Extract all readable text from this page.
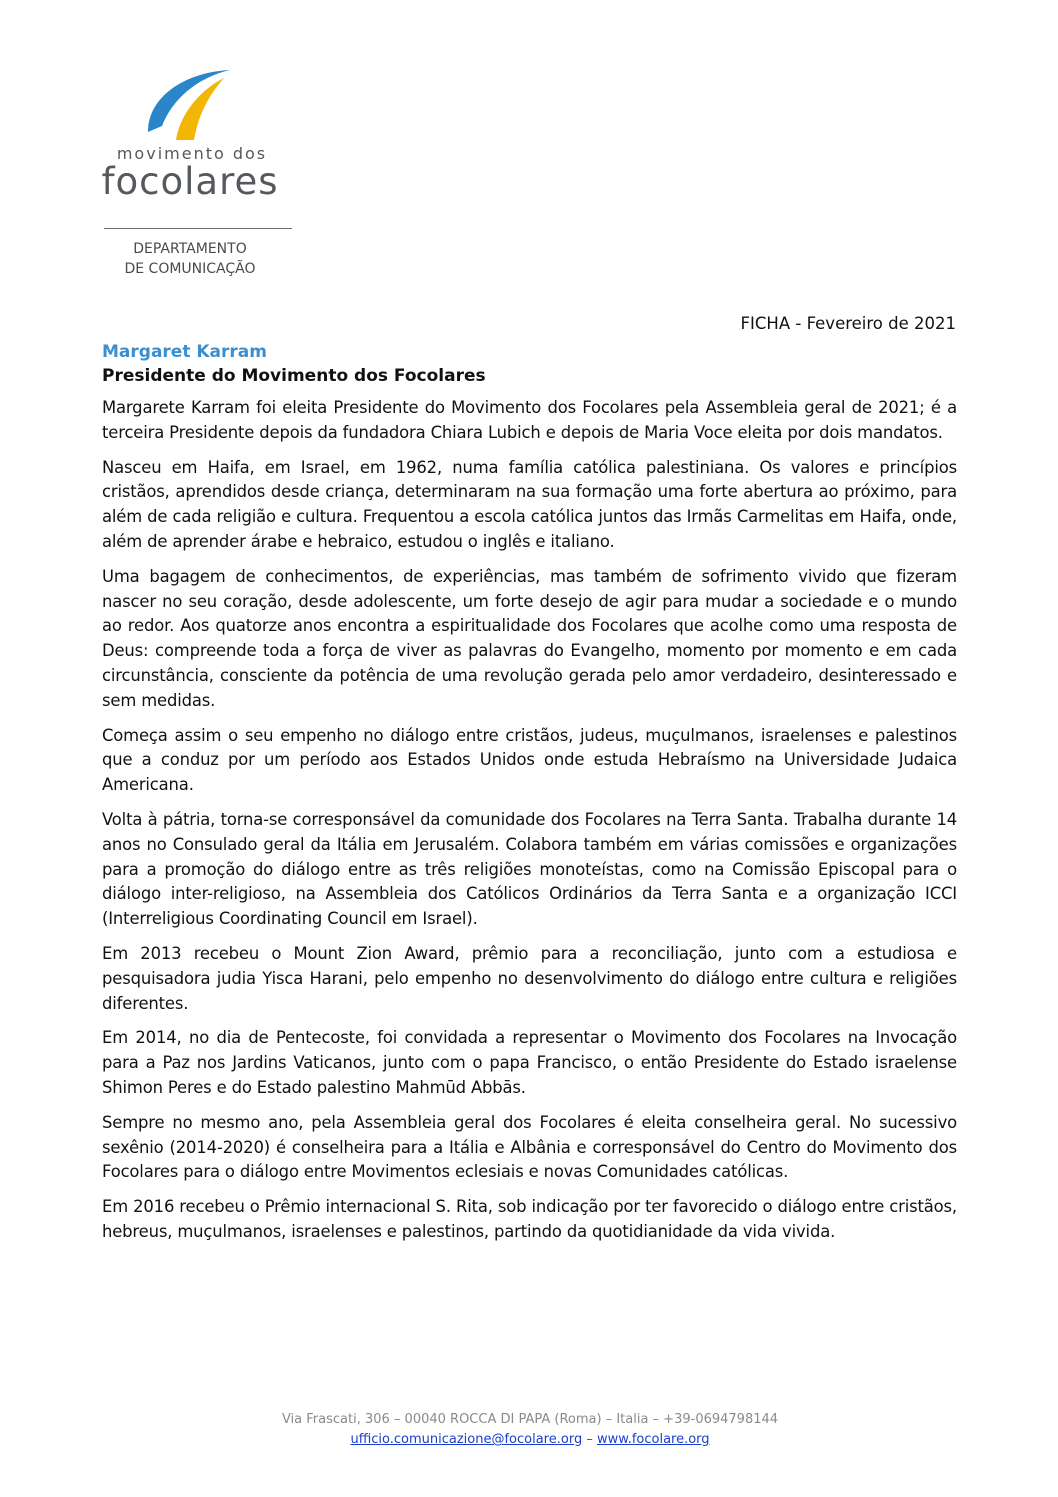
movimento dos
focolares
DEPARTAMENTO
DE COMUNICAÇÃO
FICHA - Fevereiro de 2021
Margaret Karram
Presidente do Movimento dos Focolares

Margarete Karram foi eleita Presidente do Movimento dos Focolares pela Assembleia geral de 2021; é a terceira Presidente depois da fundadora Chiara Lubich e depois de Maria Voce eleita por dois mandatos.

Nasceu em Haifa, em Israel, em 1962, numa família católica palestiniana. Os valores e princípios cristãos, aprendidos desde criança, determinaram na sua formação uma forte abertura ao próximo, para além de cada religião e cultura. Frequentou a escola católica juntos das Irmãs Carmelitas em Haifa, onde, além de aprender árabe e hebraico, estudou o inglês e italiano.

Uma bagagem de conhecimentos, de experiências, mas também de sofrimento vivido que fizeram nascer no seu coração, desde adolescente, um forte desejo de agir para mudar a sociedade e o mundo ao redor. Aos quatorze anos encontra a espiritualidade dos Focolares que acolhe como uma resposta de Deus: compreende toda a força de viver as palavras do Evangelho, momento por momento e em cada circunstância, consciente da potência de uma revolução gerada pelo amor verdadeiro, desinteressado e sem medidas.

Começa assim o seu empenho no diálogo entre cristãos, judeus, muçulmanos, israelenses e palestinos que a conduz por um período aos Estados Unidos onde estuda Hebraísmo na Universidade Judaica Americana.

Volta à pátria, torna-se corresponsável da comunidade dos Focolares na Terra Santa. Trabalha durante 14 anos no Consulado geral da Itália em Jerusalém. Colabora também em várias comissões e organizações para a promoção do diálogo entre as três religiões monoteístas, como na Comissão Episcopal para o diálogo inter-religioso, na Assembleia dos Católicos Ordinários da Terra Santa e a organização ICCI (Interreligious Coordinating Council em Israel).

Em 2013 recebeu o Mount Zion Award, prêmio para a reconciliação, junto com a estudiosa e pesquisadora judia Yisca Harani, pelo empenho no desenvolvimento do diálogo entre cultura e religiões diferentes.

Em 2014, no dia de Pentecoste, foi convidada a representar o Movimento dos Focolares na Invocação para a Paz nos Jardins Vaticanos, junto com o papa Francisco, o então Presidente do Estado israelense Shimon Peres e do Estado palestino Mahmūd Abbās.

Sempre no mesmo ano, pela Assembleia geral dos Focolares é eleita conselheira geral. No sucessivo sexênio (2014-2020) é conselheira para a Itália e Albânia e corresponsável do Centro do Movimento dos Focolares para o diálogo entre Movimentos eclesiais e novas Comunidades católicas.

Em 2016 recebeu o Prêmio internacional S. Rita, sob indicação por ter favorecido o diálogo entre cristãos, hebreus, muçulmanos, israelenses e palestinos, partindo da quotidianidade da vida vivida.

Via Frascati, 306 – 00040 ROCCA DI PAPA (Roma) – Italia – +39-0694798144
ufficio.comunicazione@focolare.org – www.focolare.org
